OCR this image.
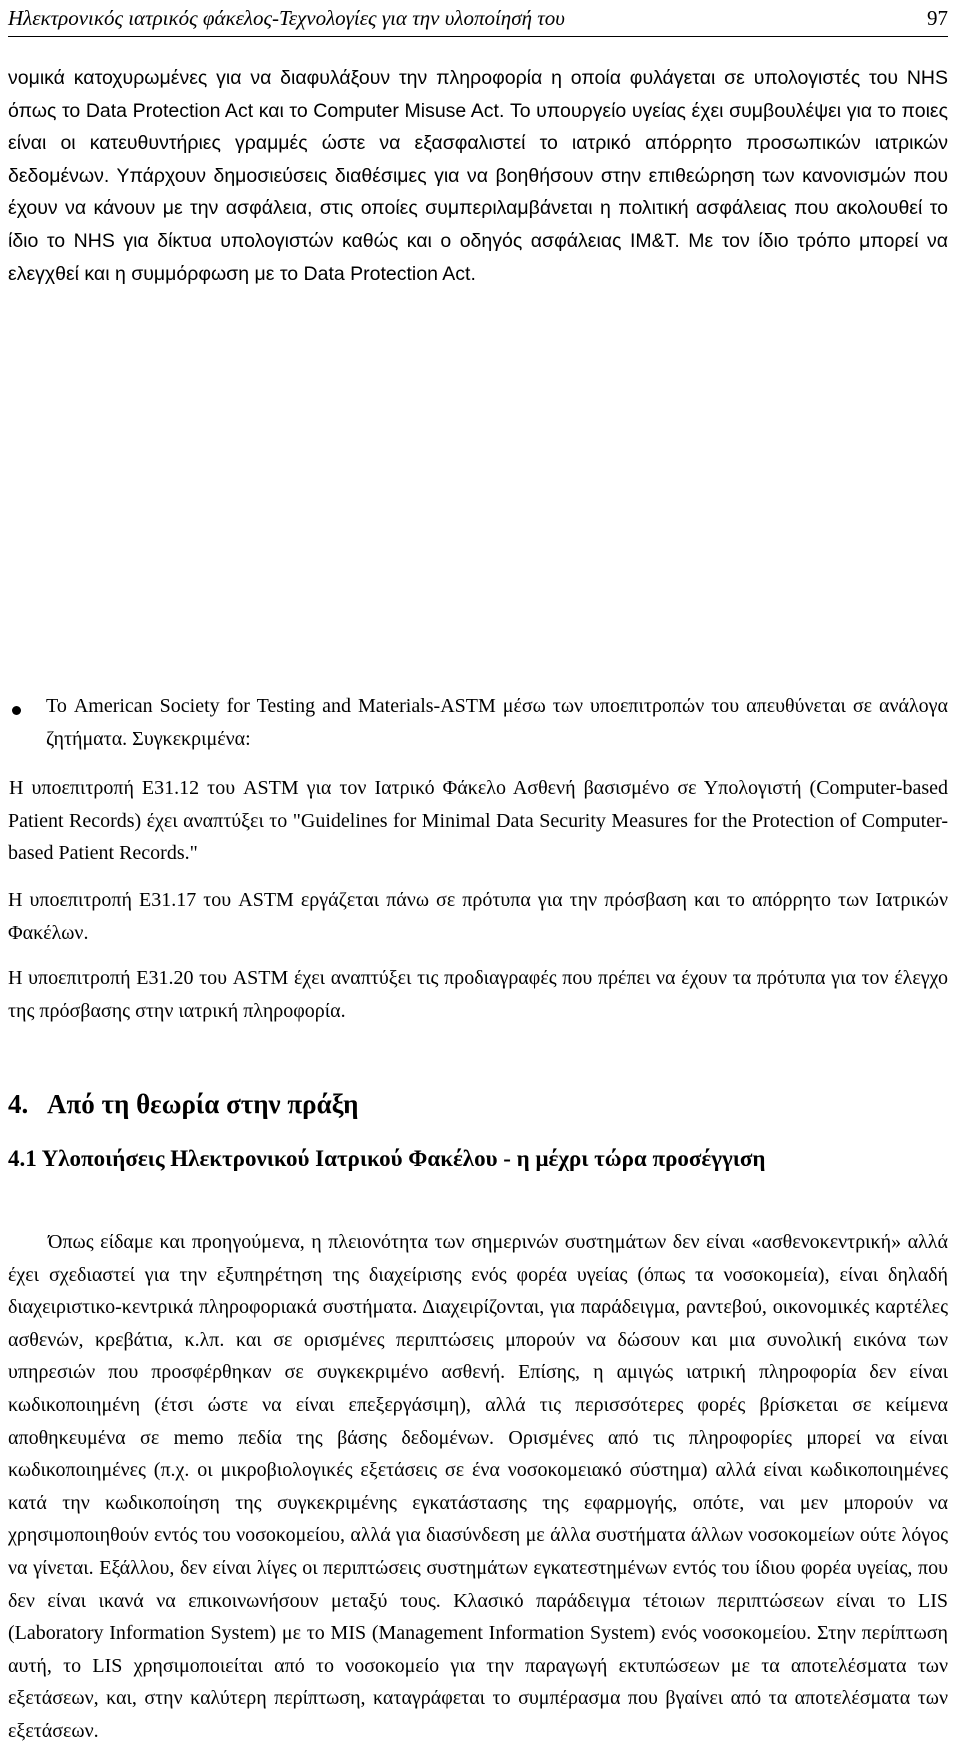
Ηλεκτρονικός ιατρικός φάκελος-Τεχνολογίες για την υλοποίησή του	97
νομικά κατοχυρωμένες για να διαφυλάξουν την πληροφορία η οποία φυλάγεται σε υπολογιστές του NHS όπως το Data Protection Act και το Computer Misuse Act. Το υπουργείο υγείας έχει συμβουλέψει για το ποιες είναι οι κατευθυντήριες γραμμές ώστε να εξασφαλιστεί το ιατρικό απόρρητο προσωπικών ιατρικών δεδομένων. Υπάρχουν δημοσιεύσεις διαθέσιμες για να βοηθήσουν στην επιθεώρηση των κανονισμών που έχουν να κάνουν με την ασφάλεια, στις οποίες συμπεριλαμβάνεται η πολιτική ασφάλειας που ακολουθεί το ίδιο το NHS για δίκτυα υπολογιστών καθώς και ο οδηγός ασφάλειας IM&T. Με τον ίδιο τρόπο μπορεί να ελεγχθεί και η συμμόρφωση με το Data Protection Act.
Το American Society for Testing and Materials-ASTM μέσω των υποεπιτροπών του απευθύνεται σε ανάλογα ζητήματα. Συγκεκριμένα:
Η υποεπιτροπή Ε31.12 του ASTM για τον Ιατρικό Φάκελο Ασθενή βασισμένο σε Υπολογιστή (Computer-based Patient Records) έχει αναπτύξει το "Guidelines for Minimal Data Security Measures for the Protection of Computer-based Patient Records."
Η υποεπιτροπή Ε31.17 του ASTM εργάζεται πάνω σε πρότυπα για την πρόσβαση και το απόρρητο των Ιατρικών Φακέλων.
Η υποεπιτροπή Ε31.20 του ASTM έχει αναπτύξει τις προδιαγραφές που πρέπει να έχουν τα πρότυπα για τον έλεγχο της πρόσβασης στην ιατρική πληροφορία.
4.   Από τη θεωρία στην πράξη
4.1 Υλοποιήσεις Ηλεκτρονικού Ιατρικού Φακέλου - η μέχρι τώρα προσέγγιση
Όπως είδαμε και προηγούμενα, η πλειονότητα των σημερινών συστημάτων δεν είναι «ασθενοκεντρική» αλλά έχει σχεδιαστεί για την εξυπηρέτηση της διαχείρισης ενός φορέα υγείας (όπως τα νοσοκομεία), είναι δηλαδή διαχειριστικο-κεντρικά πληροφοριακά συστήματα. Διαχειρίζονται, για παράδειγμα, ραντεβού, οικονομικές καρτέλες ασθενών, κρεβάτια, κ.λπ. και σε ορισμένες περιπτώσεις μπορούν να δώσουν και μια συνολική εικόνα των υπηρεσιών που προσφέρθηκαν σε συγκεκριμένο ασθενή. Επίσης, η αμιγώς ιατρική πληροφορία δεν είναι κωδικοποιημένη (έτσι ώστε να είναι επεξεργάσιμη), αλλά τις περισσότερες φορές βρίσκεται σε κείμενα αποθηκευμένα σε memo πεδία της βάσης δεδομένων. Ορισμένες από τις πληροφορίες μπορεί να είναι κωδικοποιημένες (π.χ. οι μικροβιολογικές εξετάσεις σε ένα νοσοκομειακό σύστημα) αλλά είναι κωδικοποιημένες κατά την κωδικοποίηση της συγκεκριμένης εγκατάστασης της εφαρμογής, οπότε, ναι μεν μπορούν να χρησιμοποιηθούν εντός του νοσοκομείου, αλλά για διασύνδεση με άλλα συστήματα άλλων νοσοκομείων ούτε λόγος να γίνεται. Εξάλλου, δεν είναι λίγες οι περιπτώσεις συστημάτων εγκατεστημένων εντός του ίδιου φορέα υγείας, που δεν είναι ικανά να επικοινωνήσουν μεταξύ τους. Κλασικό παράδειγμα τέτοιων περιπτώσεων είναι το LIS (Laboratory Information System) με το MIS (Management Information System) ενός νοσοκομείου. Στην περίπτωση αυτή, το LIS χρησιμοποιείται από το νοσοκομείο για την παραγωγή εκτυπώσεων με τα αποτελέσματα των εξετάσεων, και, στην καλύτερη περίπτωση, καταγράφεται το συμπέρασμα που βγαίνει από τα αποτελέσματα των εξετάσεων.
